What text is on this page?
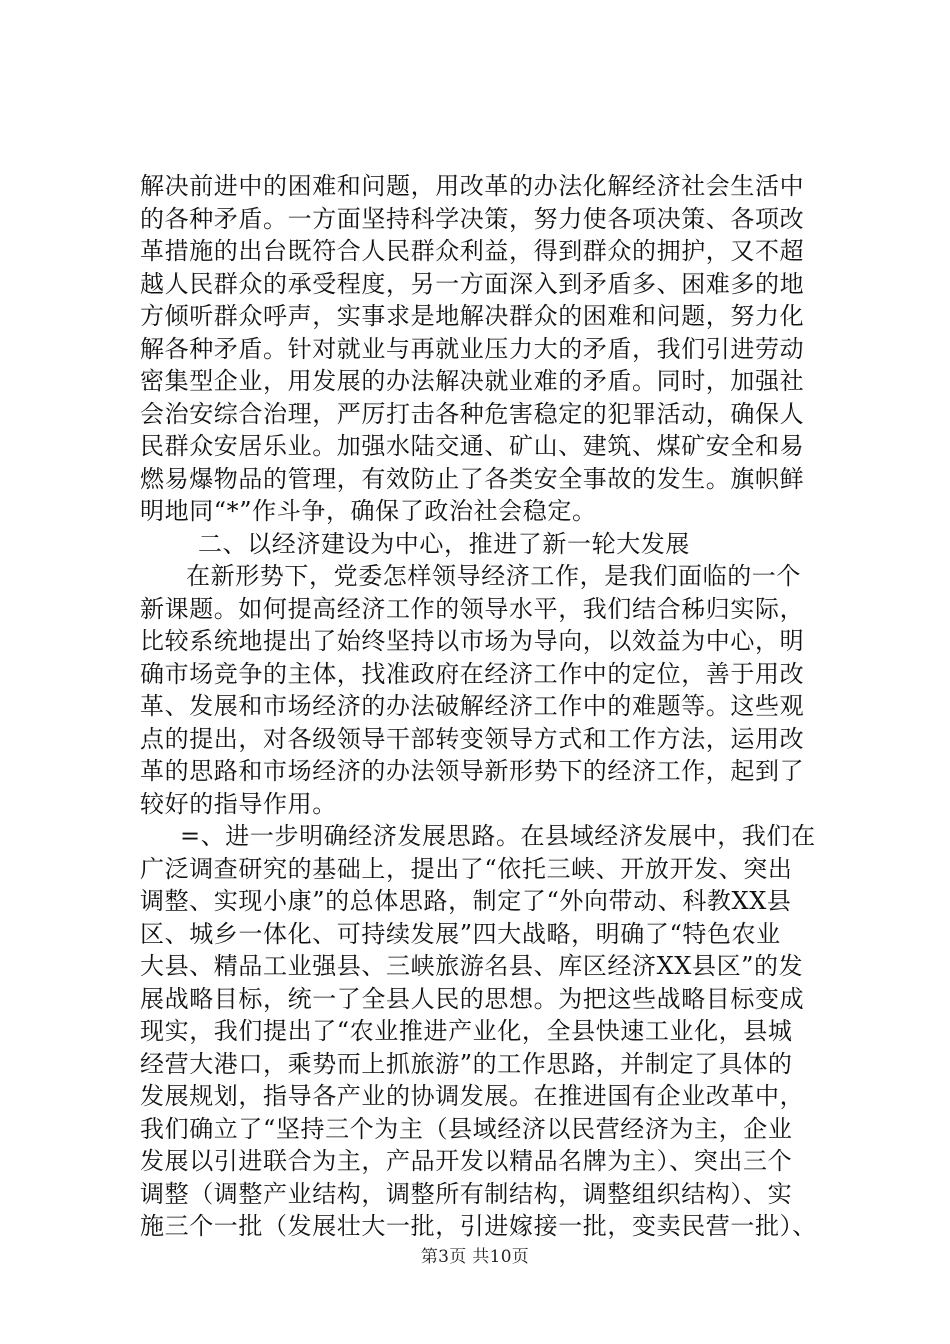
解决前进中的困难和问题，用改革的办法化解经济社会生活中
的各种矛盾。一方面坚持科学决策，努力使各项决策、各项改
革措施的出台既符合人民群众利益，得到群众的拥护，又不超
越人民群众的承受程度，另一方面深入到矛盾多、困难多的地
方倾听群众呼声，实事求是地解决群众的困难和问题，努力化
解各种矛盾。针对就业与再就业压力大的矛盾，我们引进劳动
密集型企业，用发展的办法解决就业难的矛盾。同时，加强社
会治安综合治理，严厉打击各种危害稳定的犯罪活动，确保人
民群众安居乐业。加强水陆交通、矿山、建筑、煤矿安全和易
燃易爆物品的管理，有效防止了各类安全事故的发生。旗帜鲜
明地同“*”作斗争，确保了政治社会稳定。
二、以经济建设为中心，推进了新一轮大发展
在新形势下，党委怎样领导经济工作，是我们面临的一个
新课题。如何提高经济工作的领导水平，我们结合秭归实际，
比较系统地提出了始终坚持以市场为导向，以效益为中心，明
确市场竞争的主体，找准政府在经济工作中的定位，善于用改
革、发展和市场经济的办法破解经济工作中的难题等。这些观
点的提出，对各级领导干部转变领导方式和工作方法，运用改
革的思路和市场经济的办法领导新形势下的经济工作，起到了
较好的指导作用。
=、进一步明确经济发展思路。在县域经济发展中，我们在
广泛调查研究的基础上，提出了“依托三峡、开放开发、突出
调整、实现小康”的总体思路，制定了“外向带动、科教XX县
区、城乡一体化、可持续发展”四大战略，明确了“特色农业
大县、精品工业强县、三峡旅游名县、库区经济XX县区”的发
展战略目标，统一了全县人民的思想。为把这些战略目标变成
现实，我们提出了“农业推进产业化，全县快速工业化，县城
经营大港口，乘势而上抓旅游”的工作思路，并制定了具体的
发展规划，指导各产业的协调发展。在推进国有企业改革中，
我们确立了“坚持三个为主（县域经济以民营经济为主，企业
发展以引进联合为主，产品开发以精品名牌为主）、突出三个
调整（调整产业结构，调整所有制结构，调整组织结构）、实
施三个一批（发展壮大一批，引进嫁接一批，变卖民营一批）、
第3页 共10页
